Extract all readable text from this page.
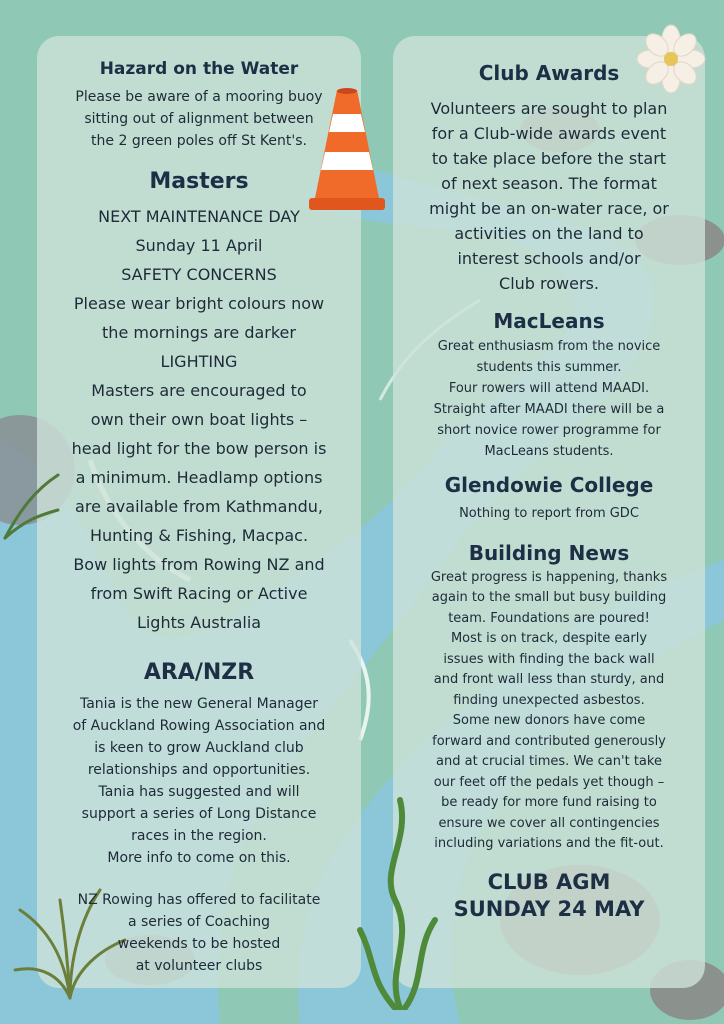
Hazard on the Water

Please be aware of a mooring buoy
sitting out of alignment between
the 2 green poles off St Kent's.

Masters

NEXT MAINTENANCE DAY

Sunday 11 April

SAFETY CONCERNS

Please wear bright colours now

the mornings are darker

LIGHTING

Masters are encouraged to
own their own boat lights –
head light for the bow person is
a minimum. Headlamp options
are available from Kathmandu,
Hunting & Fishing, Macpac.
Bow lights from Rowing NZ and
from Swift Racing or Active
Lights Australia

ARA/NZR

Tania is the new General Manager
of Auckland Rowing Association and
is keen to grow Auckland club
relationships and opportunities.
Tania has suggested and will
support a series of Long Distance
races in the region.
More info to come on this.

NZ Rowing has offered to facilitate
a series of Coaching
weekends to be hosted
at volunteer clubs

Club Awards

Volunteers are sought to plan
for a Club-wide awards event
to take place before the start
of next season. The format
might be an on-water race, or
activities on the land to
interest schools and/or
Club rowers.

MacLeans

Great enthusiasm from the novice
students this summer.
Four rowers will attend MAADI.
Straight after MAADI there will be a
short novice rower programme for
MacLeans students.

Glendowie College

Nothing to report from GDC

Building News

Great progress is happening, thanks
again to the small but busy building
team. Foundations are poured!
Most is on track, despite early
issues with finding the back wall
and front wall less than sturdy, and
finding unexpected asbestos.
Some new donors have come
forward and contributed generously
and at crucial times. We can't take
our feet off the pedals yet though –
be ready for more fund raising to
ensure we cover all contingencies
including variations and the fit-out.

CLUB AGM

SUNDAY 24 MAY
